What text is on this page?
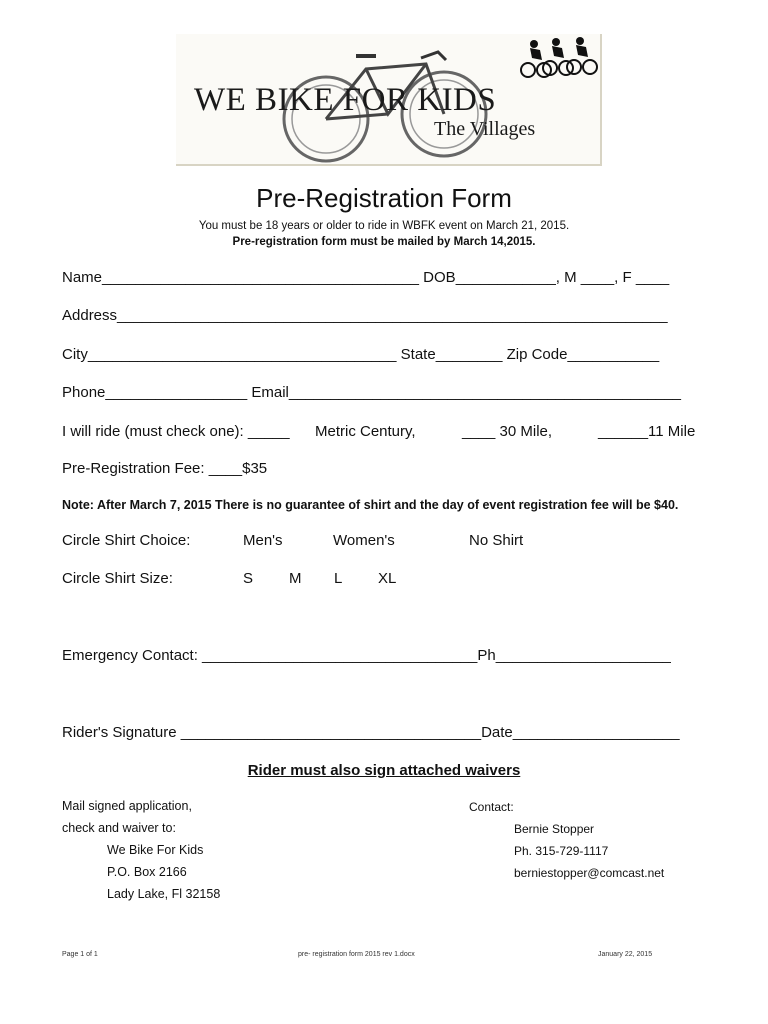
WE BIKE FOR KIDS
The Villages
Pre-Registration Form
You must be 18 years or older to ride in WBFK event on March 21, 2015.
Pre-registration form must be mailed by March 14,2015.
Name______________________________________ DOB____________, M ____, F ____
Address__________________________________________________________________
City_____________________________________ State________ Zip Code___________
Phone_________________ Email_______________________________________________
I will ride (must check one): _____ Metric Century,	____ 30 Mile,	______11 Mile
Pre-Registration Fee: ____$35
Note: After March 7, 2015 There is no guarantee of shirt and the day of event registration fee will be $40.
Circle Shirt Choice:	Men's	Women's	No Shirt
Circle Shirt Size:	S M L XL
Emergency Contact: _________________________________Ph_____________________
Rider's Signature ____________________________________Date____________________
Rider must also sign attached waivers
Mail signed application,
check and waiver to:
We Bike For Kids
P.O. Box 2166
Lady Lake, Fl 32158
Contact:
Bernie Stopper
Ph. 315-729-1117
berniestopper@comcast.net
Page 1 of 1	pre- registration form 2015 rev 1.docx	January 22, 2015
